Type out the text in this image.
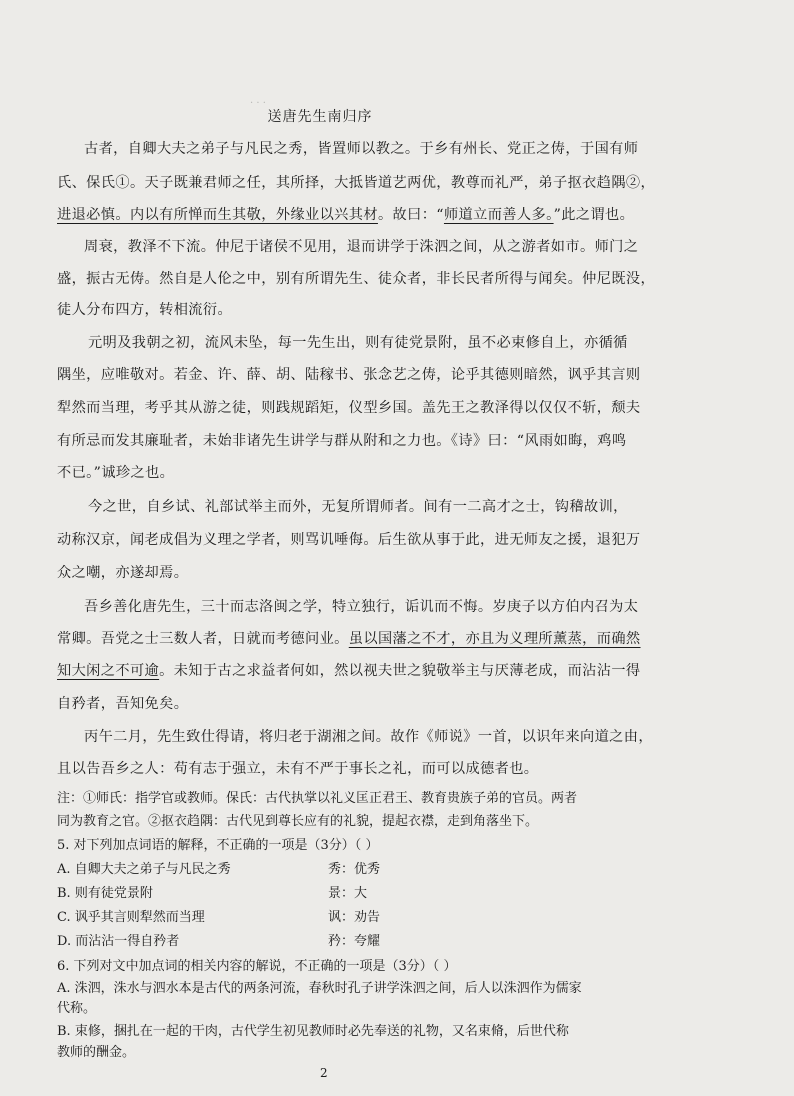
· · ·
送唐先生南归序
古者，自卿大夫之弟子与凡民之秀，皆置师以教之。于乡有州长、党正之俦，于国有师
氏、保氏①。天子既兼君师之任，其所择，大抵皆道艺两优，教尊而礼严，弟子抠衣趋隅②，
进退必慎。内以有所惮而生其敬，外缘业以兴其材。故曰：“师道立而善人多。”此之谓也。
周衰，教泽不下流。仲尼于诸侯不见用，退而讲学于洙泗之间，从之游者如市。师门之
盛，振古无俦。然自是人伦之中，别有所谓先生、徒众者，非长民者所得与闻矣。仲尼既没，
徒人分布四方，转相流衍。
元明及我朝之初，流风未坠，每一先生出，则有徒党景附，虽不必束修自上，亦循循
隅坐，应唯敬对。若金、许、薛、胡、陆稼书、张念艺之俦，论乎其德则暗然，讽乎其言则
犁然而当理，考乎其从游之徒，则践规蹈矩，仪型乡国。盖先王之教泽得以仅仅不斩，颓夫
有所忌而发其廉耻者，未始非诸先生讲学与群从附和之力也。《诗》曰：“风雨如晦，鸡鸣
不已。”诚珍之也。
今之世，自乡试、礼部试举主而外，无复所谓师者。间有一二高才之士，钩稽故训，
动称汉京，闻老成倡为义理之学者，则骂讥唾侮。后生欲从事于此，进无师友之援，退犯万
众之嘲，亦遂却焉。
吾乡善化唐先生，三十而志洛闽之学，特立独行，诟讥而不悔。岁庚子以方伯内召为太
常卿。吾党之士三数人者，日就而考德问业。虽以国藩之不才，亦且为义理所薰蒸，而确然
知大闲之不可逾。未知于古之求益者何如，然以视夫世之貌敬举主与厌薄老成，而沾沾一得
自矜者，吾知免矣。
丙午二月，先生致仕得请，将归老于湖湘之间。故作《师说》一首，以识年来向道之由，
且以告吾乡之人：苟有志于强立，未有不严于事长之礼，而可以成德者也。
注：①师氏：指学官或教师。保氏：古代执掌以礼义匡正君王、教育贵族子弟的官员。两者
同为教育之官。②抠衣趋隅：古代见到尊长应有的礼貌，提起衣襟，走到角落坐下。
5. 对下列加点词语的解释，不正确的一项是（3分）（ ）
A. 自卿大夫之弟子与凡民之秀	秀：优秀
B. 则有徒党景附	景：大
C. 讽乎其言则犁然而当理	讽：劝告
D. 而沾沾一得自矜者	矜：夸耀
6. 下列对文中加点词的相关内容的解说，不正确的一项是（3分）（ ）
A. 洙泗，洙水与泗水本是古代的两条河流，春秋时孔子讲学洙泗之间，后人以洙泗作为儒家
代称。
B. 束修，捆扎在一起的干肉，古代学生初见教师时必先奉送的礼物，又名束脩，后世代称
教师的酬金。
2
